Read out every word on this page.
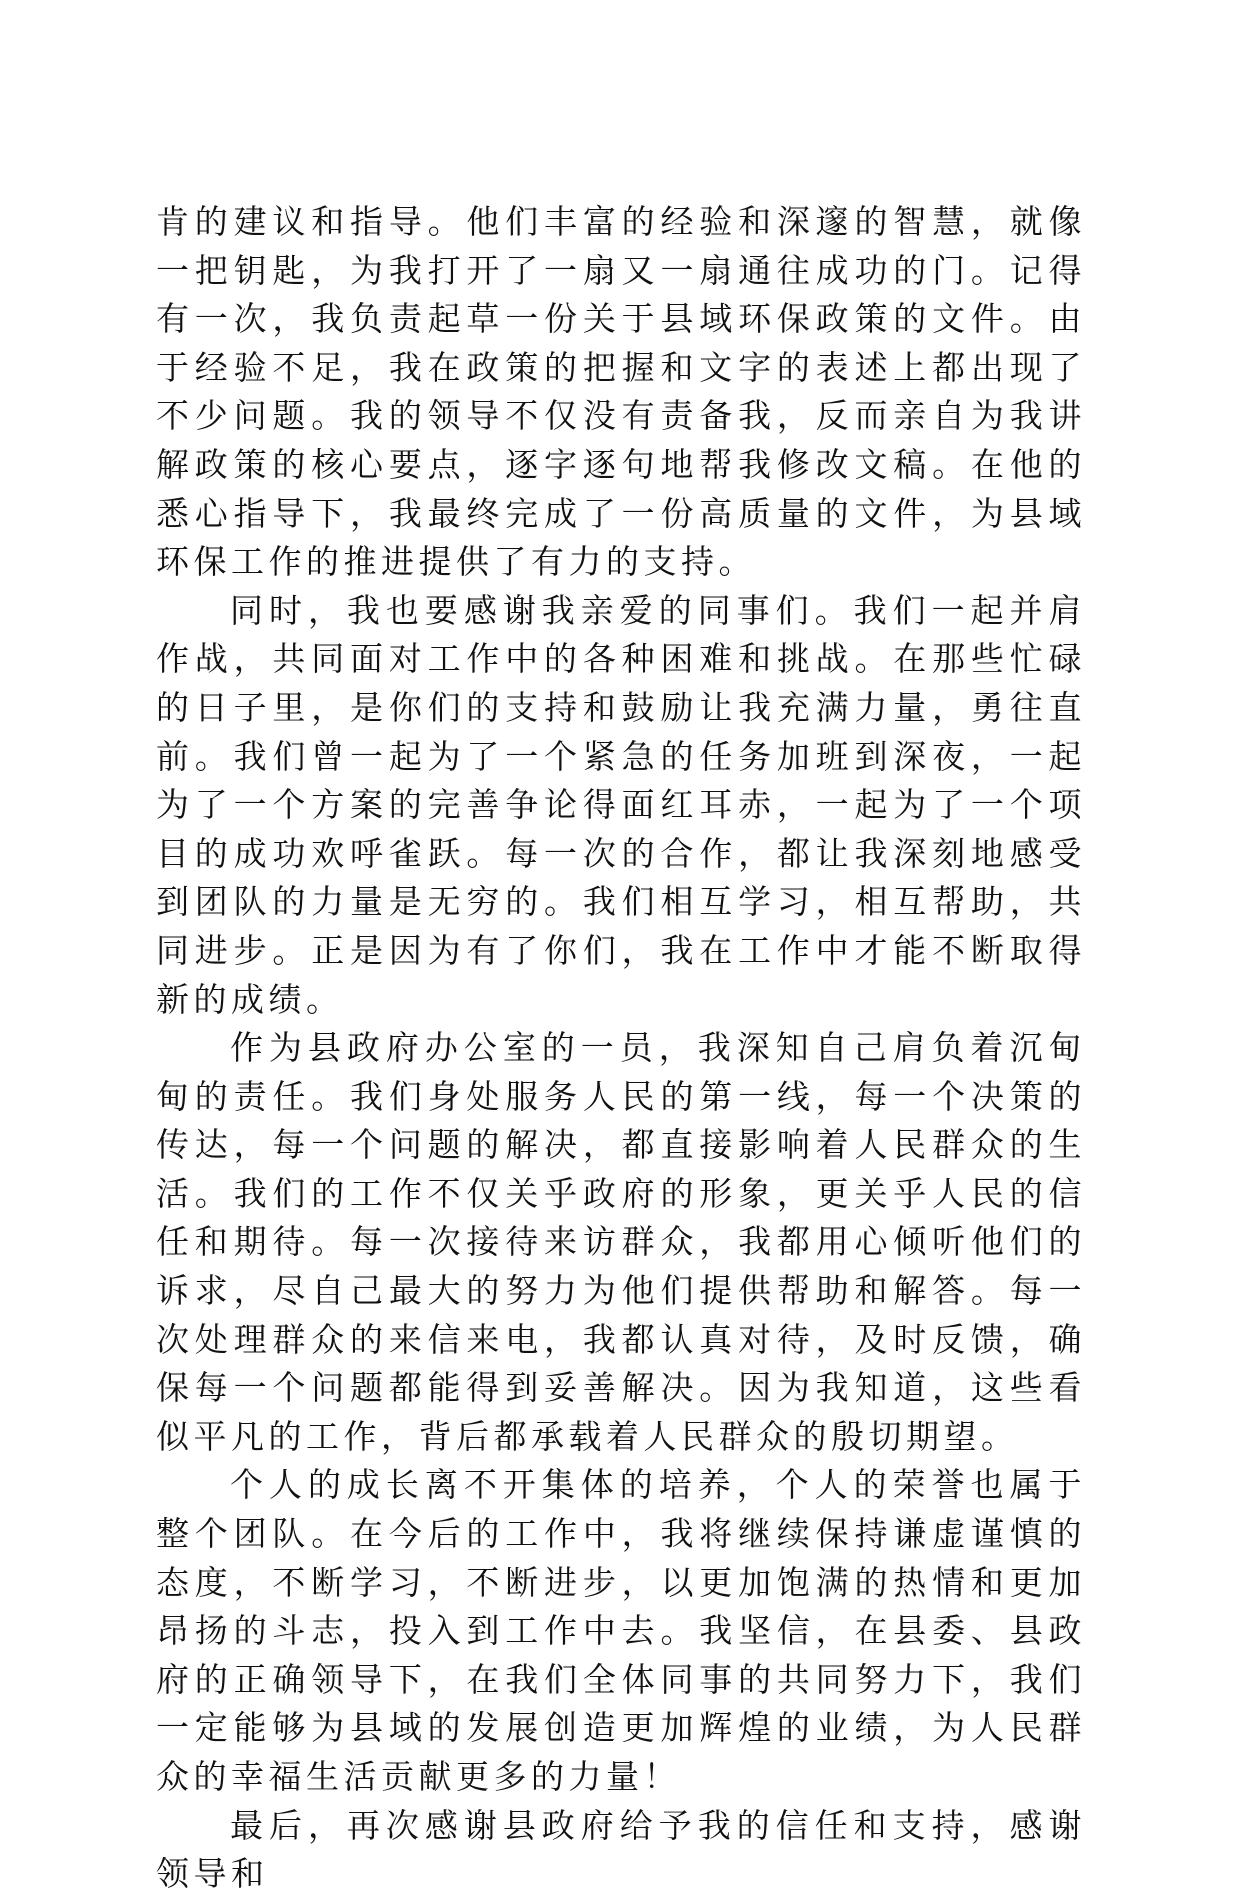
肯的建议和指导。他们丰富的经验和深邃的智慧，就像一把钥匙，为我打开了一扇又一扇通往成功的门。记得有一次，我负责起草一份关于县域环保政策的文件。由于经验不足，我在政策的把握和文字的表述上都出现了不少问题。我的领导不仅没有责备我，反而亲自为我讲解政策的核心要点，逐字逐句地帮我修改文稿。在他的悉心指导下，我最终完成了一份高质量的文件，为县域环保工作的推进提供了有力的支持。

同时，我也要感谢我亲爱的同事们。我们一起并肩作战，共同面对工作中的各种困难和挑战。在那些忙碌的日子里，是你们的支持和鼓励让我充满力量，勇往直前。我们曾一起为了一个紧急的任务加班到深夜，一起为了一个方案的完善争论得面红耳赤，一起为了一个项目的成功欢呼雀跃。每一次的合作，都让我深刻地感受到团队的力量是无穷的。我们相互学习，相互帮助，共同进步。正是因为有了你们，我在工作中才能不断取得新的成绩。

作为县政府办公室的一员，我深知自己肩负着沉甸甸的责任。我们身处服务人民的第一线，每一个决策的传达，每一个问题的解决，都直接影响着人民群众的生活。我们的工作不仅关乎政府的形象，更关乎人民的信任和期待。每一次接待来访群众，我都用心倾听他们的诉求，尽自己最大的努力为他们提供帮助和解答。每一次处理群众的来信来电，我都认真对待，及时反馈，确保每一个问题都能得到妥善解决。因为我知道，这些看似平凡的工作，背后都承载着人民群众的殷切期望。

个人的成长离不开集体的培养，个人的荣誉也属于整个团队。在今后的工作中，我将继续保持谦虚谨慎的态度，不断学习，不断进步，以更加饱满的热情和更加昂扬的斗志，投入到工作中去。我坚信，在县委、县政府的正确领导下，在我们全体同事的共同努力下，我们一定能够为县域的发展创造更加辉煌的业绩，为人民群众的幸福生活贡献更多的力量！

最后，再次感谢县政府给予我的信任和支持，感谢领导和
